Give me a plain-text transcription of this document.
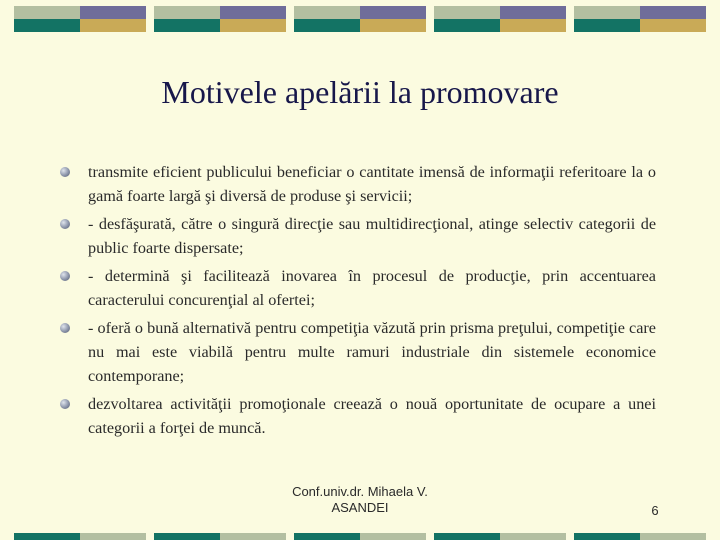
Motivele apelării la promovare
transmite eficient publicului beneficiar o cantitate imensă de informaţii referitoare la o gamă foarte largă şi diversă de produse şi servicii;
- desfăşurată, către o singură direcţie sau multidirecţional, atinge selectiv categorii de public foarte dispersate;
- determină şi facilitează inovarea în procesul de producţie, prin accentuarea caracterului concurenţial al ofertei;
- oferă o bună alternativă pentru competiţia văzută prin prisma preţului, competiţie care nu mai este viabilă pentru multe ramuri industriale din sistemele economice contemporane;
dezvoltarea activităţii promoţionale creează o nouă oportunitate de ocupare a unei categorii a forţei de muncă.
Conf.univ.dr. Mihaela V.
ASANDEI	6
